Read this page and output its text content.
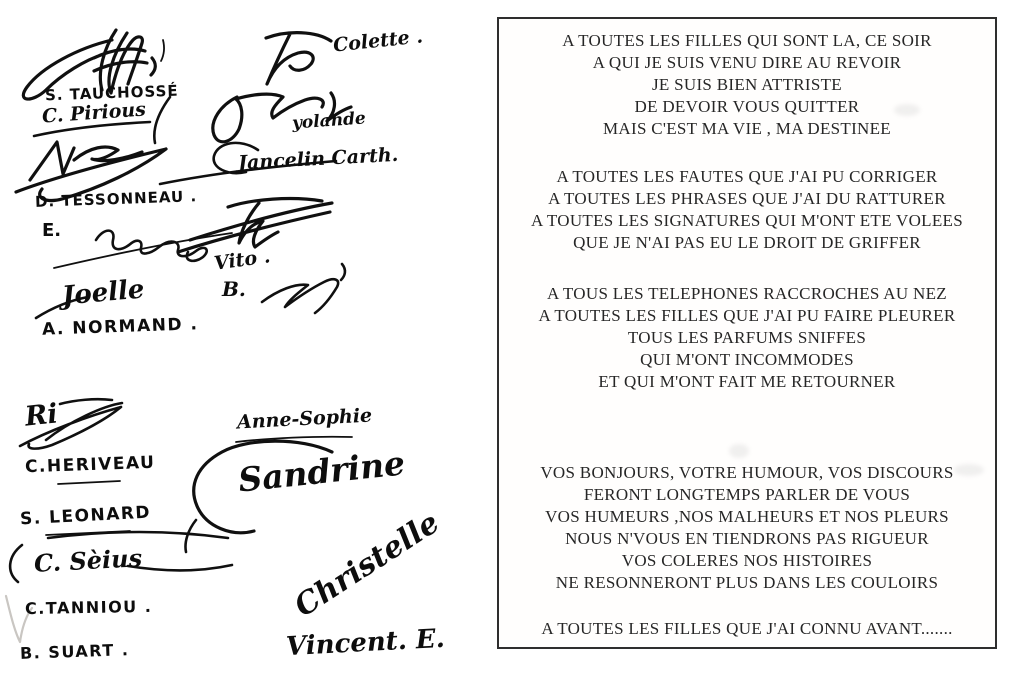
S. TAUCHOSSÉ
C. Pirious
D. TESSONNEAU .
E.
Joelle
A. NORMAND .
Colette .
yolande
Jancelin Carth.
Vito .
B.
Ri
C.HERIVEAU
S. LEONARD
C. Sèius
C.TANNIOU .
B. SUART .
Anne-Sophie
Sandrine
Christelle
Vincent. E.
A TOUTES LES FILLES QUI SONT LA, CE SOIR
A QUI JE SUIS VENU DIRE AU REVOIR
JE SUIS BIEN ATTRISTE
DE DEVOIR VOUS QUITTER
MAIS C'EST MA VIE , MA DESTINEE
A TOUTES LES FAUTES QUE J'AI PU CORRIGER
A TOUTES LES PHRASES QUE J'AI DU RATTURER
A TOUTES LES SIGNATURES QUI M'ONT ETE VOLEES
QUE JE N'AI PAS EU LE DROIT DE GRIFFER
A TOUS LES TELEPHONES RACCROCHES AU NEZ
A TOUTES LES FILLES QUE J'AI PU FAIRE PLEURER
TOUS LES PARFUMS SNIFFES
QUI M'ONT INCOMMODES
ET QUI M'ONT FAIT ME RETOURNER
VOS BONJOURS, VOTRE HUMOUR, VOS DISCOURS
FERONT LONGTEMPS PARLER DE VOUS
VOS HUMEURS ,NOS MALHEURS ET NOS PLEURS
NOUS N'VOUS EN TIENDRONS PAS RIGUEUR
VOS COLERES NOS HISTOIRES
NE RESONNERONT PLUS DANS LES COULOIRS
A TOUTES LES FILLES QUE J'AI CONNU AVANT.......
